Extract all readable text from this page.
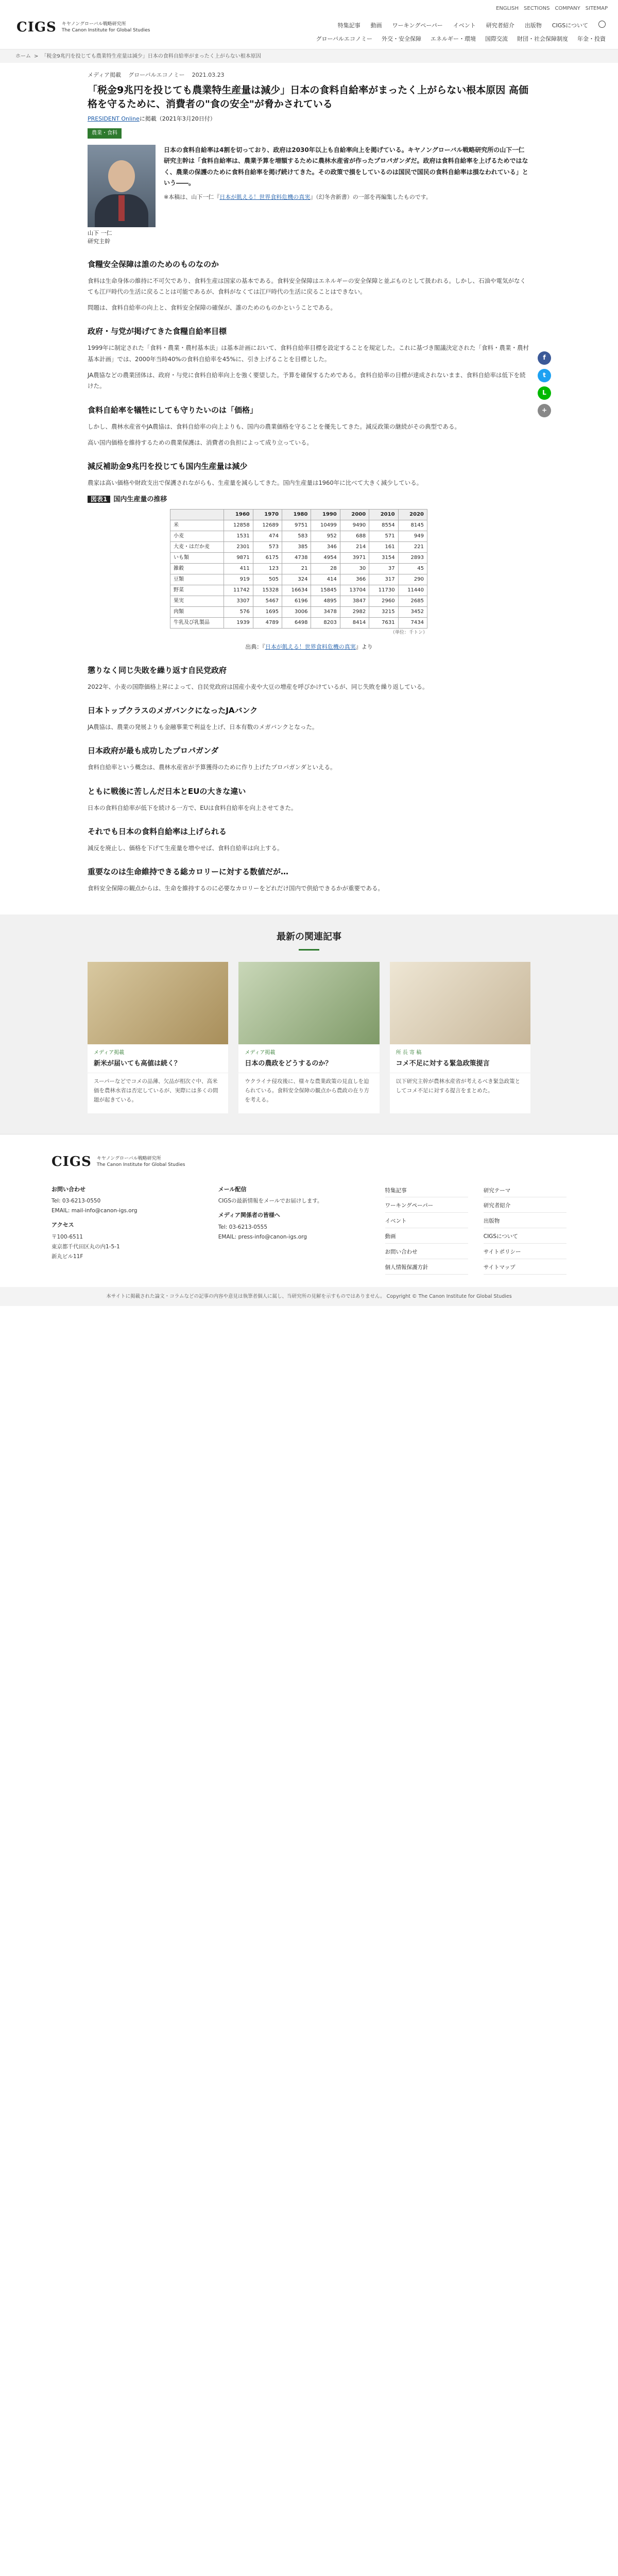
ENGLISH SECTIONS COMPANY SITEMAP
CIGS キヤノングローバル戦略研究所
The Canon Institute for Global Studies
特集記事 動画 ワーキングペーパー イベント 研究者紹介 出版物 CIGSについて
グローバルエコノミー 外交・安全保障 エネルギー・環境 国際交流 財団・社会保障制度 年金・投資
ホーム > 「税金9兆円を投じても農業特生産量は減少」日本の食料自給率がまったく上がらない根本原因
f
t
L
+
メディア掲載 グローバルエコノミー 2021.03.23
「税金9兆円を投じても農業特生産量は減少」日本の食料自給率がまったく上がらない根本原因 高価格を守るために、消費者の"食の安全"が脅かされている
PRESIDENT Onlineに掲載（2021年3月20日付）
農業・食料
山下 一仁
研究主幹

日本の食料自給率は4割を切っており、政府は2030年以上も自給率向上を掲げている。キヤノングローバル戦略研究所の山下一仁研究主幹は「食料自給率は、農業予算を増額するために農林水産省が作ったプロパガンダだ。政府は食料自給率を上げるためではなく、農業の保護のために食料自給率を掲げ続けてきた。その政策で損をしているのは国民で国民の食料自給率は損なわれている」という――。

※本稿は、山下一仁『日本が飢える！世界食料危機の真実』（幻冬舎新書）の一部を再編集したものです。

食糧安全保障は誰のためのものなのか

食料は生命身体の維持に不可欠であり、食料生産は国家の基本である。食料安全保障はエネルギーの安全保障と並ぶものとして扱われる。しかし、石油や電気がなくても江戸時代の生活に戻ることは可能であるが、食料がなくては江戸時代の生活に戻ることはできない。

問題は、食料自給率の向上と、食料安全保障の確保が、誰のためのものかということである。

政府・与党が掲げてきた食糧自給率目標

1999年に制定された「食料・農業・農村基本法」は基本計画において、食料自給率目標を設定することを規定した。これに基づき閣議決定された「食料・農業・農村基本計画」では、2000年当時40%の食料自給率を45%に、引き上げることを目標とした。

JA農協などの農業団体は、政府・与党に食料自給率向上を強く要望した。予算を確保するためである。食料自給率の目標が達成されないまま、食料自給率は低下を続けた。

食料自給率を犠牲にしても守りたいのは「価格」

しかし、農林水産省やJA農協は、食料自給率の向上よりも、国内の農業価格を守ることを優先してきた。減反政策の継続がその典型である。

高い国内価格を維持するための農業保護は、消費者の負担によって成り立っている。

減反補助金9兆円を投じても国内生産量は減少

農家は高い価格や財政支出で保護されながらも、生産量を減らしてきた。国内生産量は1960年に比べて大きく減少している。

図表1 国内生産量の推移
	1960	1970	1980	1990	2000	2010	2020
米	12858	12689	9751	10499	9490	8554	8145
小麦	1531	474	583	952	688	571	949
大麦・はだか麦	2301	573	385	346	214	161	221
いも類	9871	6175	4738	4954	3971	3154	2893
雑穀	411	123	21	28	30	37	45
豆類	919	505	324	414	366	317	290
野菜	11742	15328	16634	15845	13704	11730	11440
果実	3307	5467	6196	4895	3847	2960	2685
肉類	576	1695	3006	3478	2982	3215	3452
牛乳及び乳製品	1939	4789	6498	8203	8414	7631	7434
（単位：千トン）
出典：『日本が飢える！世界食料危機の真実』より
懲りなく同じ失敗を繰り返す自民党政府

2022年、小麦の国際価格上昇によって、自民党政府は国産小麦や大豆の増産を呼びかけているが、同じ失敗を繰り返している。

日本トップクラスのメガバンクになったJAバンク

JA農協は、農業の発展よりも金融事業で利益を上げ、日本有数のメガバンクとなった。

日本政府が最も成功したプロパガンダ

食料自給率という概念は、農林水産省が予算獲得のために作り上げたプロパガンダといえる。

ともに戦後に苦しんだ日本とEUの大きな違い

日本の食料自給率が低下を続ける一方で、EUは食料自給率を向上させてきた。

それでも日本の食料自給率は上げられる

減反を廃止し、価格を下げて生産量を増やせば、食料自給率は向上する。

重要なのは生命維持できる総カロリーに対する数値だが…

食料安全保障の観点からは、生命を維持するのに必要なカロリーをどれだけ国内で供給できるかが重要である。

最新の関連記事
メディア掲載
新米が届いても高値は続く？
スーパーなどでコメの品薄、欠品が相次ぐ中、高米価を農林水省は否定しているが、実際には多くの問題が起きている。
メディア掲載
日本の農政をどうするのか？
ウクライナ侵攻後に、様々な農業政策の見直しを迫られている。食料安全保障の観点から農政の在り方を考える。
所 長 寄 稿
コメ不足に対する緊急政策提言
以下研究主幹が農林水産省が考えるべき緊急政策としてコメ不足に対する提言をまとめた。
CIGS キヤノングローバル戦略研究所
The Canon Institute for Global Studies
お問い合わせ
Tel: 03-6213-0550
EMAIL: mail-info@canon-igs.org
アクセス
〒100-6511
東京都千代田区丸の内1-5-1
新丸ビル11F
メール配信
CIGSの最新情報をメールでお届けします。
メディア関係者の皆様へ
Tel: 03-6213-0555
EMAIL: press-info@canon-igs.org
特集記事	研究テーマ
ワーキングペーパー	研究者紹介
イベント	出版物
動画	CIGSについて
お問い合わせ	サイトポリシー
個人情報保護方針	サイトマップ
本サイトに掲載された論文・コラムなどの記事の内容や意見は執筆者個人に属し、当研究所の見解を示すものではありません。 Copyright © The Canon Institute for Global Studies
